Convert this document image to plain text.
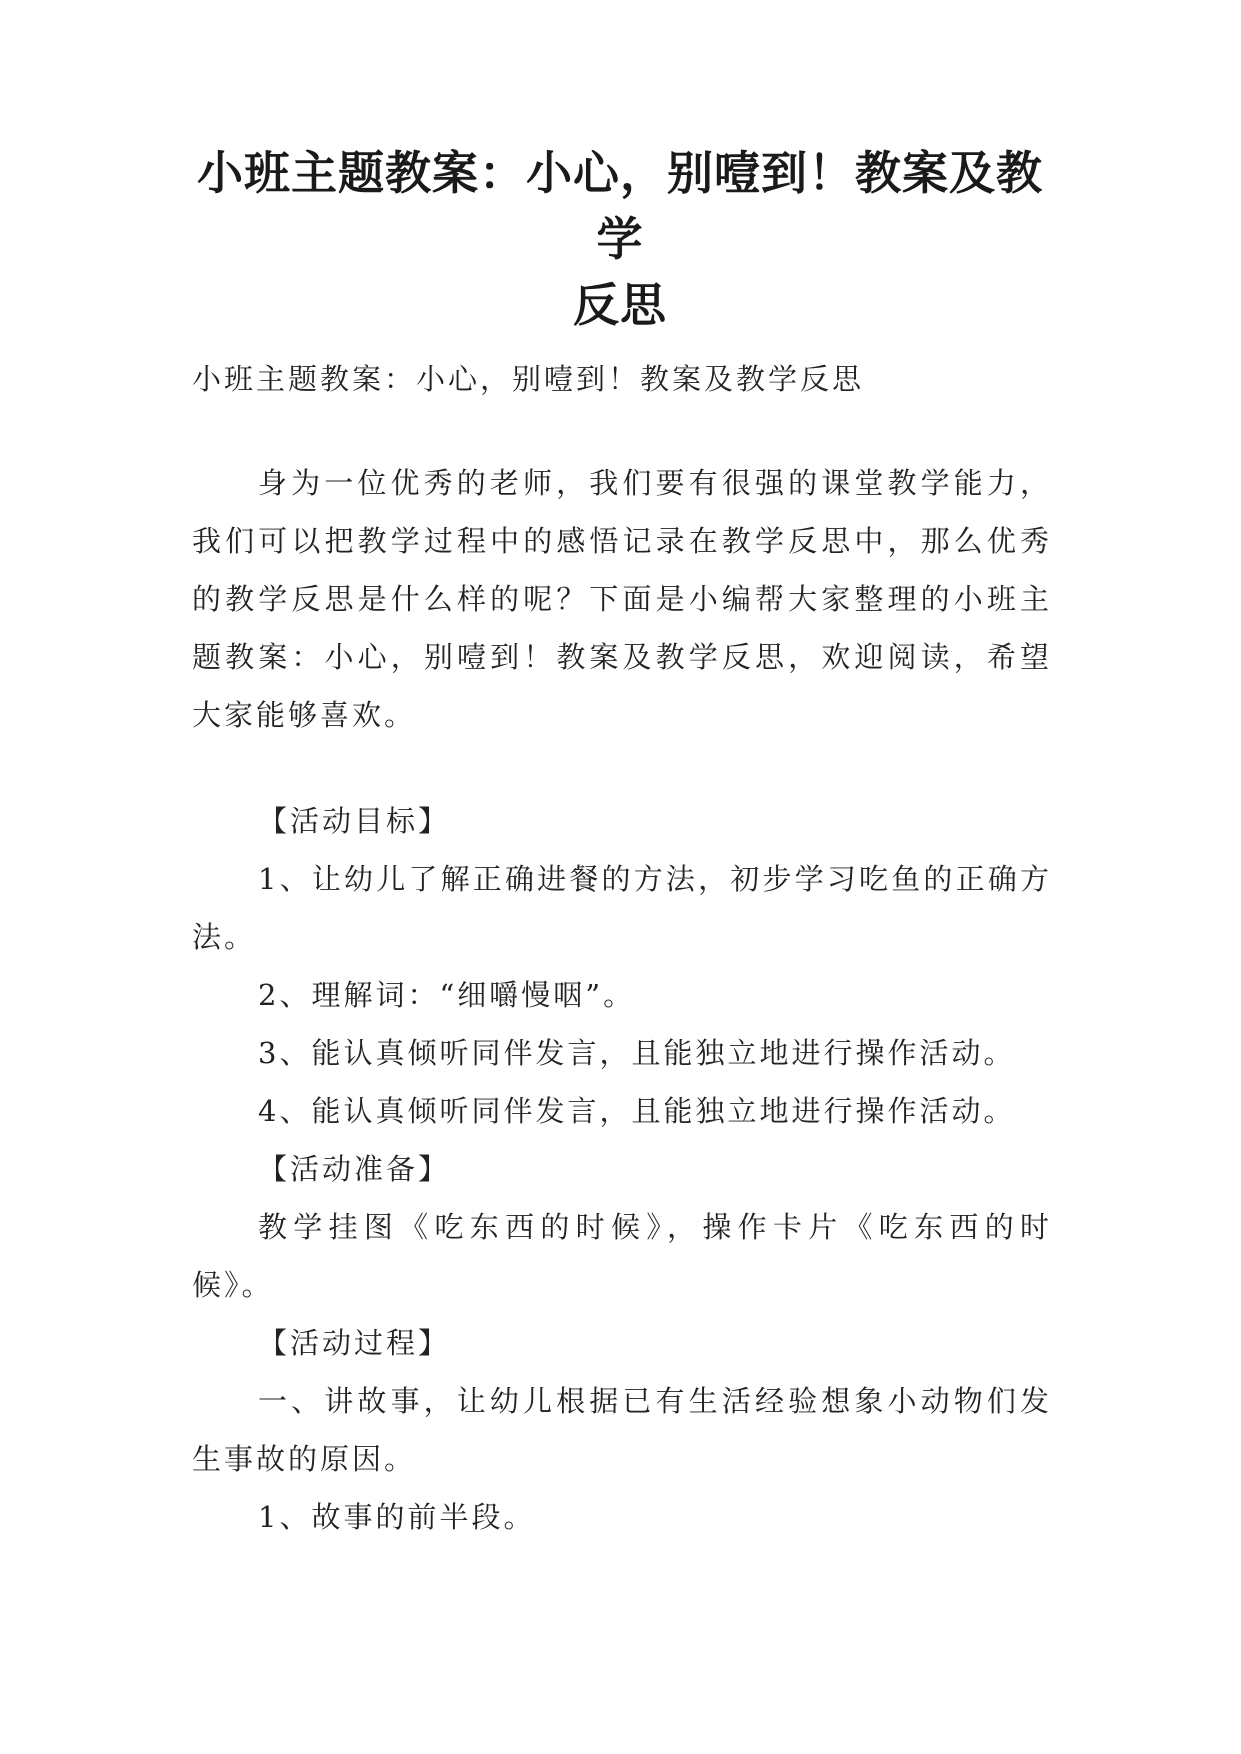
小班主题教案：小心，别噎到！教案及教学
反思

小班主题教案：小心，别噎到！教案及教学反思

身为一位优秀的老师，我们要有很强的课堂教学能力，我们可以把教学过程中的感悟记录在教学反思中，那么优秀的教学反思是什么样的呢？下面是小编帮大家整理的小班主题教案：小心，别噎到！教案及教学反思，欢迎阅读，希望大家能够喜欢。

【活动目标】

1、让幼儿了解正确进餐的方法，初步学习吃鱼的正确方法。

2、理解词：“细嚼慢咽”。

3、能认真倾听同伴发言，且能独立地进行操作活动。

4、能认真倾听同伴发言，且能独立地进行操作活动。

【活动准备】

教学挂图《吃东西的时候》，操作卡片《吃东西的时候》。

【活动过程】

一、讲故事，让幼儿根据已有生活经验想象小动物们发生事故的原因。

1、故事的前半段。
